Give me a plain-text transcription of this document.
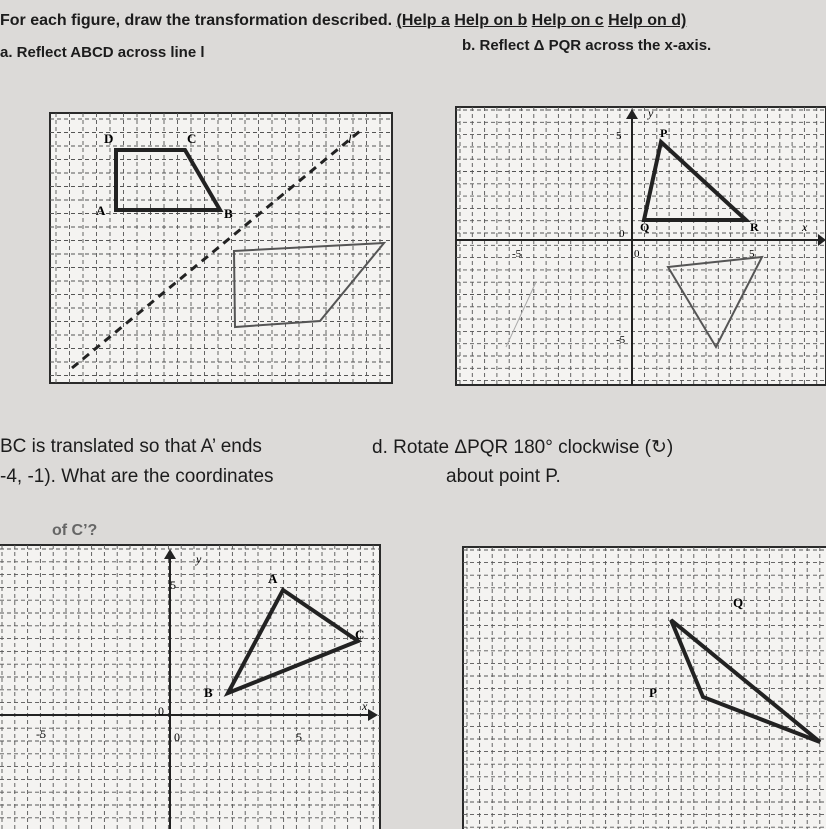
For each figure, draw the transformation described. (Help a Help on b Help on c Help on d)
a. Reflect ABCD across line l	b. Reflect Δ PQR across the x-axis.
BC is translated so that A’ ends
-4, -1). What are the coordinates
d. Rotate ΔPQR 180° clockwise (↻)
about point P.
of C’?
D	C
A	B
l
y
x
5
0
0
-5	5
-5
P
Q	R
y
x
5
0
0
-5	5
A
C
B
Q
P
